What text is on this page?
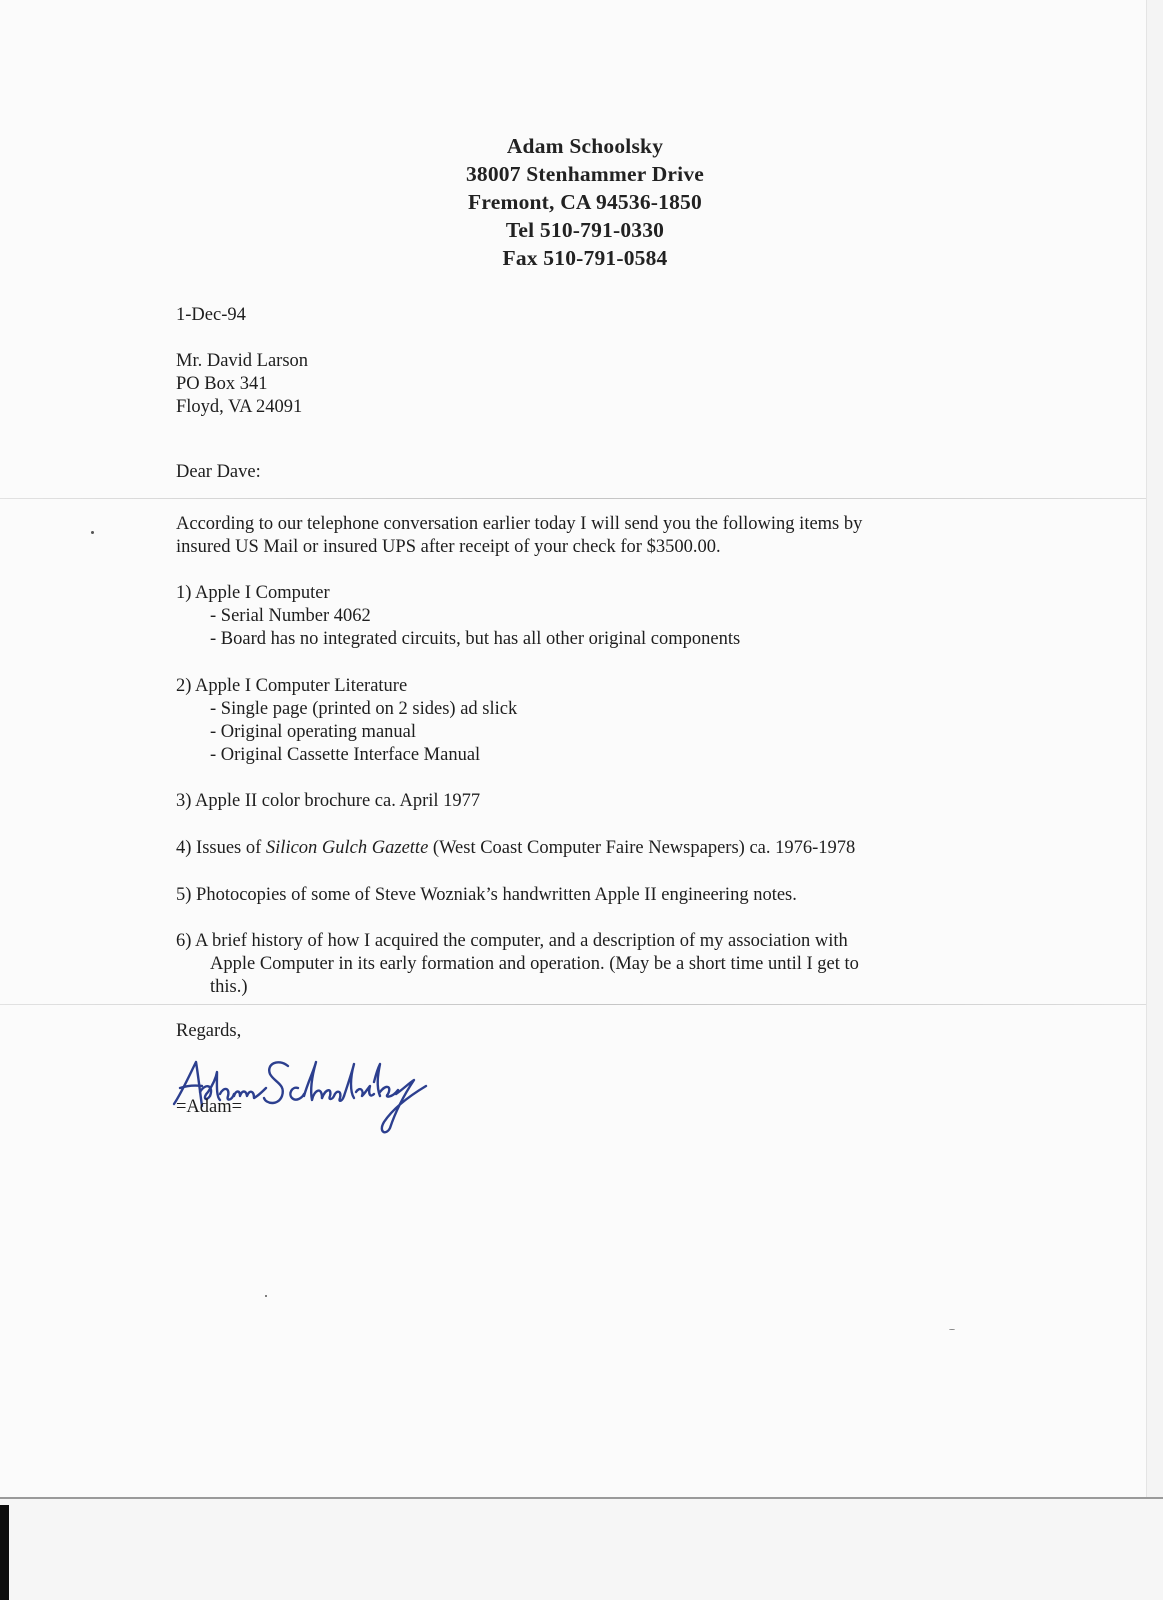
Adam Schoolsky
38007 Stenhammer Drive
Fremont, CA 94536-1850
Tel 510-791-0330
Fax 510-791-0584
1-Dec-94
Mr. David Larson
PO Box 341
Floyd, VA 24091
Dear Dave:
According to our telephone conversation earlier today I will send you the following items by
insured US Mail or insured UPS after receipt of your check for $3500.00.
1) Apple I Computer
- Serial Number 4062
- Board has no integrated circuits, but has all other original components
2) Apple I Computer Literature
- Single page (printed on 2 sides) ad slick
- Original operating manual
- Original Cassette Interface Manual
3) Apple II color brochure ca. April 1977
4) Issues of Silicon Gulch Gazette (West Coast Computer Faire Newspapers) ca. 1976-1978
5) Photocopies of some of Steve Wozniak’s handwritten Apple II engineering notes.
6) A brief history of how I acquired the computer, and a description of my association with
Apple Computer in its early formation and operation. (May be a short time until I get to
this.)
Regards,
=Adam=
